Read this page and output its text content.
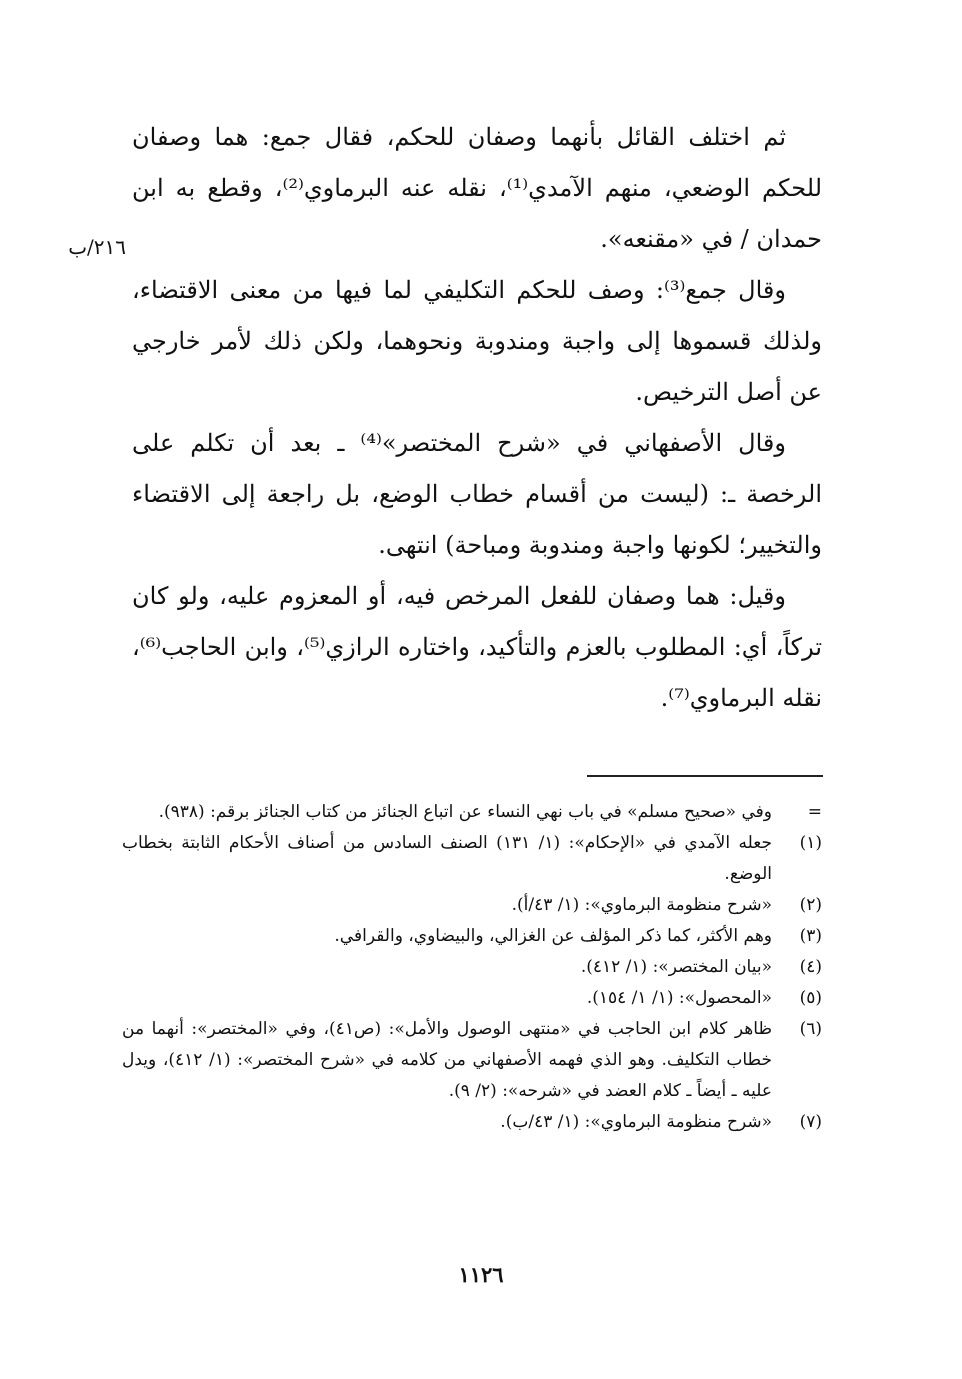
٢١٦/ب

ثم اختلف القائل بأنهما وصفان للحكم، فقال جمع: هما وصفان للحكم الوضعي، منهم الآمدي⁽¹⁾، نقله عنه البرماوي⁽²⁾، وقطع به ابن حمدان / في «مقنعه».

وقال جمع⁽³⁾: وصف للحكم التكليفي لما فيها من معنى الاقتضاء، ولذلك قسموها إلى واجبة ومندوبة ونحوهما، ولكن ذلك لأمر خارجي عن أصل الترخيص.

وقال الأصفهاني في «شرح المختصر»⁽⁴⁾ ـ بعد أن تكلم على الرخصة ـ: (ليست من أقسام خطاب الوضع، بل راجعة إلى الاقتضاء والتخيير؛ لكونها واجبة ومندوبة ومباحة) انتهى.

وقيل: هما وصفان للفعل المرخص فيه، أو المعزوم عليه، ولو كان تركاً، أي: المطلوب بالعزم والتأكيد، واختاره الرازي⁽⁵⁾، وابن الحاجب⁽⁶⁾، نقله البرماوي⁽⁷⁾.

=
وفي «صحيح مسلم» في باب نهي النساء عن اتباع الجنائز من كتاب الجنائز برقم: (٩٣٨).
(١)
جعله الآمدي في «الإحكام»: (١/ ١٣١) الصنف السادس من أصناف الأحكام الثابتة بخطاب الوضع.
(٢)
«شرح منظومة البرماوي»: (١/ ٤٣/أ).
(٣)
وهم الأكثر، كما ذكر المؤلف عن الغزالي، والبيضاوي، والقرافي.
(٤)
«بيان المختصر»: (١/ ٤١٢).
(٥)
«المحصول»: (١/ ١/ ١٥٤).
(٦)
ظاهر كلام ابن الحاجب في «منتهى الوصول والأمل»: (ص٤١)، وفي «المختصر»: أنهما من خطاب التكليف. وهو الذي فهمه الأصفهاني من كلامه في «شرح المختصر»: (١/ ٤١٢)، ويدل عليه ـ أيضاً ـ كلام العضد في «شرحه»: (٢/ ٩).
(٧)
«شرح منظومة البرماوي»: (١/ ٤٣/ب).
١١٢٦
